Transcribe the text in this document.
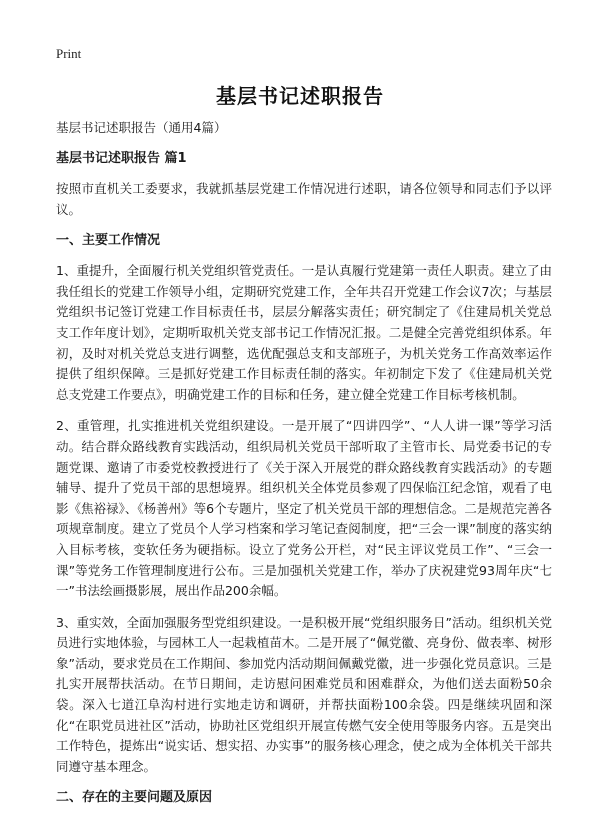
Print
基层书记述职报告

基层书记述职报告（通用4篇）

基层书记述职报告 篇1

按照市直机关工委要求，我就抓基层党建工作情况进行述职，请各位领导和同志们予以评议。

一、主要工作情况

1、重提升，全面履行机关党组织管党责任。一是认真履行党建第一责任人职责。建立了由我任组长的党建工作领导小组，定期研究党建工作，全年共召开党建工作会议7次；与基层党组织书记签订党建工作目标责任书，层层分解落实责任；研究制定了《住建局机关党总支工作年度计划》，定期听取机关党支部书记工作情况汇报。二是健全完善党组织体系。年初，及时对机关党总支进行调整，选优配强总支和支部班子，为机关党务工作高效率运作提供了组织保障。三是抓好党建工作目标责任制的落实。年初制定下发了《住建局机关党总支党建工作要点》，明确党建工作的目标和任务，建立健全党建工作目标考核机制。

2、重管理，扎实推进机关党组织建设。一是开展了“四讲四学”、“人人讲一课”等学习活动。结合群众路线教育实践活动，组织局机关党员干部听取了主管市长、局党委书记的专题党课、邀请了市委党校教授进行了《关于深入开展党的群众路线教育实践活动》的专题辅导、提升了党员干部的思想境界。组织机关全体党员参观了四保临江纪念馆，观看了电影《焦裕禄》、《杨善州》等6个专题片，坚定了机关党员干部的理想信念。二是规范完善各项规章制度。建立了党员个人学习档案和学习笔记查阅制度，把“三会一课”制度的落实纳入目标考核，变软任务为硬指标。设立了党务公开栏，对“民主评议党员工作”、“三会一课”等党务工作管理制度进行公布。三是加强机关党建工作，举办了庆祝建党93周年庆“七一”书法绘画摄影展，展出作品200余幅。

3、重实效，全面加强服务型党组织建设。一是积极开展“党组织服务日”活动。组织机关党员进行实地体验，与园林工人一起栽植苗木。二是开展了“佩党徽、亮身份、做表率、树形象”活动，要求党员在工作期间、参加党内活动期间佩戴党徽，进一步强化党员意识。三是扎实开展帮扶活动。在节日期间，走访慰问困难党员和困难群众，为他们送去面粉50余袋。深入七道江阜沟村进行实地走访和调研，并帮扶面粉100余袋。四是继续巩固和深化“在职党员进社区”活动，协助社区党组织开展宣传燃气安全使用等服务内容。五是突出工作特色，提炼出“说实话、想实招、办实事”的服务核心理念，使之成为全体机关干部共同遵守基本理念。

二、存在的主要问题及原因
